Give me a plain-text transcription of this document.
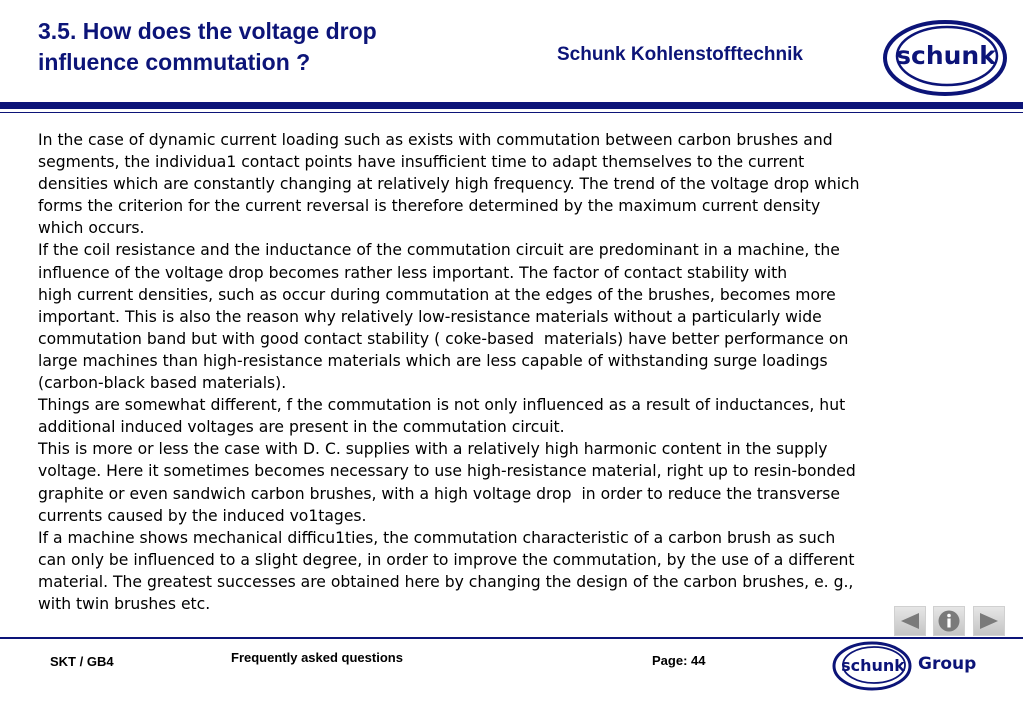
3.5. How does the voltage drop
influence commutation ?	Schunk Kohlenstofftechnik	schunk
In the case of dynamic current loading such as exists with commutation between carbon brushes and
segments, the individua1 contact points have insufficient time to adapt themselves to the current
densities which are constantly changing at relatively high frequency. The trend of the voltage drop which
forms the criterion for the current reversal is therefore determined by the maximum current density
which occurs.
If the coil resistance and the inductance of the commutation circuit are predominant in a machine, the
influence of the voltage drop becomes rather less important. The factor of contact stability with
high current densities, such as occur during commutation at the edges of the brushes, becomes more
important. This is also the reason why relatively low-resistance materials without a particularly wide
commutation band but with good contact stability ( coke-based  materials) have better performance on
large machines than high-resistance materials which are less capable of withstanding surge loadings
(carbon-black based materials).
Things are somewhat different, f the commutation is not only influenced as a result of inductances, hut
additional induced voltages are present in the commutation circuit.
This is more or less the case with D. C. supplies with a relatively high harmonic content in the supply
voltage. Here it sometimes becomes necessary to use high-resistance material, right up to resin-bonded
graphite or even sandwich carbon brushes, with a high voltage drop  in order to reduce the transverse
currents caused by the induced vo1tages.
If a machine shows mechanical difficu1ties, the commutation characteristic of a carbon brush as such
can only be influenced to a slight degree, in order to improve the commutation, by the use of a different
material. The greatest successes are obtained here by changing the design of the carbon brushes, e. g.,
with twin brushes etc.
SKT / GB4	Frequently asked questions	Page: 44	schunk Group
